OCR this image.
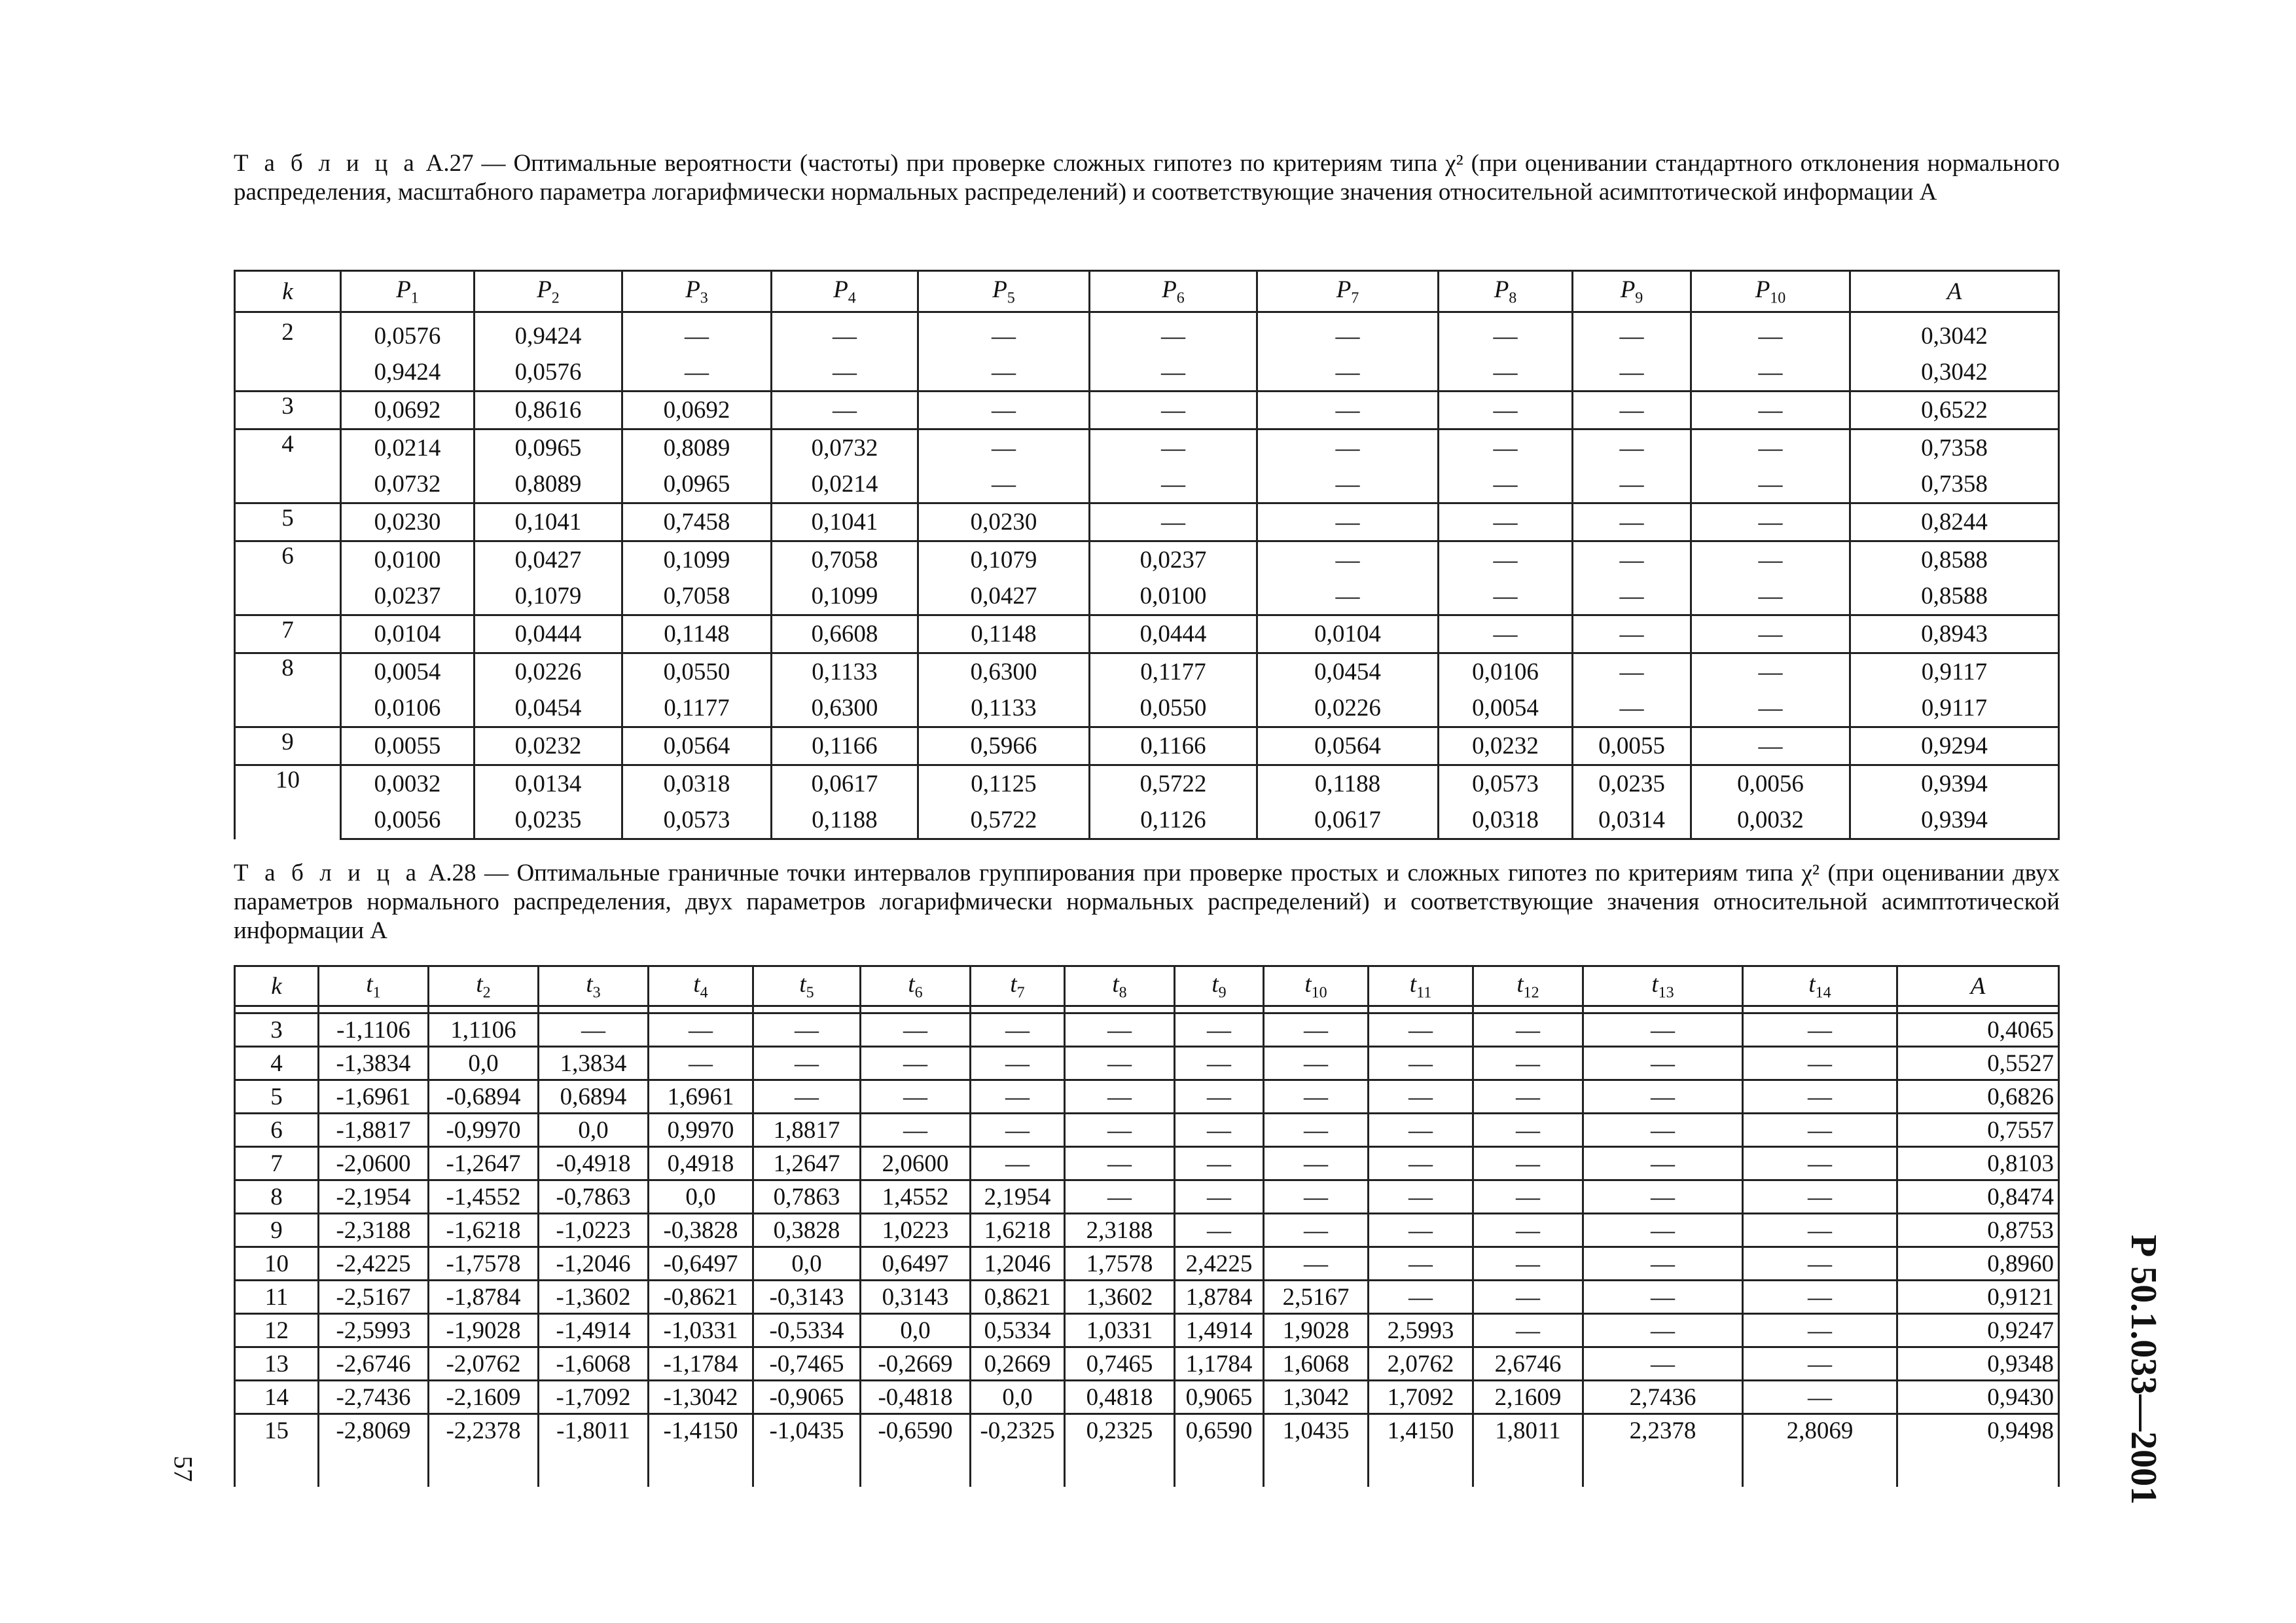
Т а б л и ц а А.27 — Оптимальные вероятности (частоты) при проверке сложных гипотез по критериям типа χ² (при оценивании стандартного отклонения нормального распределения, масштабного параметра логарифмически нормальных распределений) и соответствующие значения относительной асимптотической информации A
k	$P_1$	$P_2$	$P_3$	$P_4$	$P_5$	$P_6$	$P_7$	$P_8$	$P_9$	$P_{10}$	A

2	0,0576	0,9424	—	—	—	—	—	—	—	—	0,3042
	0,9424	0,0576	—	—	—	—	—	—	—	—	0,3042
3	0,0692	0,8616	0,0692	—	—	—	—	—	—	—	0,6522
4	0,0214	0,0965	0,8089	0,0732	—	—	—	—	—	—	0,7358
	0,0732	0,8089	0,0965	0,0214	—	—	—	—	—	—	0,7358
5	0,0230	0,1041	0,7458	0,1041	0,0230	—	—	—	—	—	0,8244
6	0,0100	0,0427	0,1099	0,7058	0,1079	0,0237	—	—	—	—	0,8588
	0,0237	0,1079	0,7058	0,1099	0,0427	0,0100	—	—	—	—	0,8588
7	0,0104	0,0444	0,1148	0,6608	0,1148	0,0444	0,0104	—	—	—	0,8943
8	0,0054	0,0226	0,0550	0,1133	0,6300	0,1177	0,0454	0,0106	—	—	0,9117
	0,0106	0,0454	0,1177	0,6300	0,1133	0,0550	0,0226	0,0054	—	—	0,9117
9	0,0055	0,0232	0,0564	0,1166	0,5966	0,1166	0,0564	0,0232	0,0055	—	0,9294
10	0,0032	0,0134	0,0318	0,0617	0,1125	0,5722	0,1188	0,0573	0,0235	0,0056	0,9394
	0,0056	0,0235	0,0573	0,1188	0,5722	0,1126	0,0617	0,0318	0,0314	0,0032	0,9394
Т а б л и ц а А.28 — Оптимальные граничные точки интервалов группирования при проверке простых и сложных гипотез по критериям типа χ² (при оценивании двух параметров нормального распределения, двух параметров логарифмически нормальных распределений) и соответствующие значения относительной асимптотической информации A
k	$t_1$	$t_2$	$t_3$	$t_4$	$t_5$	$t_6$	$t_7$	$t_8$	$t_9$	$t_{10}$	$t_{11}$	$t_{12}$	$t_{13}$	$t_{14}$	A

3	-1,1106	1,1106	—	—	—	—	—	—	—	—	—	—	—	—	0,4065
4	-1,3834	0,0	1,3834	—	—	—	—	—	—	—	—	—	—	—	0,5527
5	-1,6961	-0,6894	0,6894	1,6961	—	—	—	—	—	—	—	—	—	—	0,6826
6	-1,8817	-0,9970	0,0	0,9970	1,8817	—	—	—	—	—	—	—	—	—	0,7557
7	-2,0600	-1,2647	-0,4918	0,4918	1,2647	2,0600	—	—	—	—	—	—	—	—	0,8103
8	-2,1954	-1,4552	-0,7863	0,0	0,7863	1,4552	2,1954	—	—	—	—	—	—	—	0,8474
9	-2,3188	-1,6218	-1,0223	-0,3828	0,3828	1,0223	1,6218	2,3188	—	—	—	—	—	—	0,8753
10	-2,4225	-1,7578	-1,2046	-0,6497	0,0	0,6497	1,2046	1,7578	2,4225	—	—	—	—	—	0,8960
11	-2,5167	-1,8784	-1,3602	-0,8621	-0,3143	0,3143	0,8621	1,3602	1,8784	2,5167	—	—	—	—	0,9121
12	-2,5993	-1,9028	-1,4914	-1,0331	-0,5334	0,0	0,5334	1,0331	1,4914	1,9028	2,5993	—	—	—	0,9247
13	-2,6746	-2,0762	-1,6068	-1,1784	-0,7465	-0,2669	0,2669	0,7465	1,1784	1,6068	2,0762	2,6746	—	—	0,9348
14	-2,7436	-2,1609	-1,7092	-1,3042	-0,9065	-0,4818	0,0	0,4818	0,9065	1,3042	1,7092	2,1609	2,7436	—	0,9430
15	-2,8069	-2,2378	-1,8011	-1,4150	-1,0435	-0,6590	-0,2325	0,2325	0,6590	1,0435	1,4150	1,8011	2,2378	2,8069	0,9498
															Р 50.1.033—2001
57
